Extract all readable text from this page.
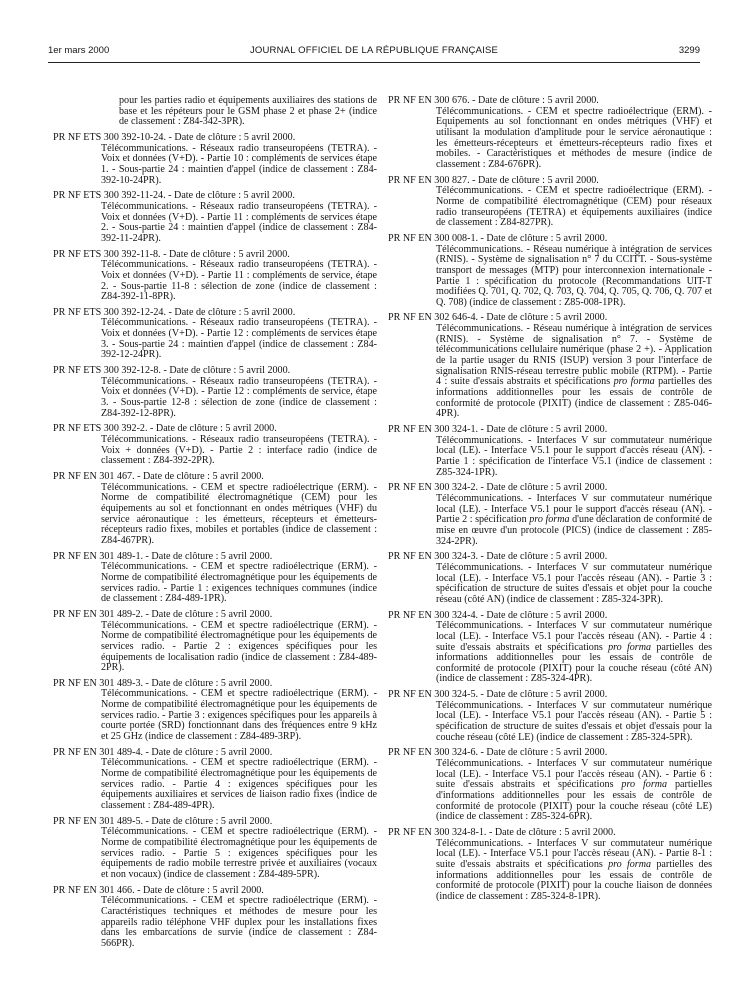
1er mars 2000	JOURNAL OFFICIEL DE LA RÉPUBLIQUE FRANÇAISE	3299
pour les parties radio et équipements auxiliaires des stations de base et les répéteurs pour le GSM phase 2 et phase 2+ (indice de classement : Z84-342-3PR).
PR NF ETS 300 392-10-24. - Date de clôture : 5 avril 2000.
Télécommunications. - Réseaux radio transeuropéens (TETRA). - Voix et données (V+D). - Partie 10 : compléments de services étape 1. - Sous-partie 24 : maintien d'appel (indice de classement : Z84-392-10-24PR).
PR NF ETS 300 392-11-24. - Date de clôture : 5 avril 2000.
Télécommunications. - Réseaux radio transeuropéens (TETRA). - Voix et données (V+D). - Partie 11 : compléments de services étape 2. - Sous-partie 24 : maintien d'appel (indice de classement : Z84-392-11-24PR).
PR NF ETS 300 392-11-8. - Date de clôture : 5 avril 2000.
Télécommunications. - Réseaux radio transeuropéens (TETRA). - Voix et données (V+D). - Partie 11 : compléments de service, étape 2. - Sous-partie 11-8 : sélection de zone (indice de classement : Z84-392-11-8PR).
PR NF ETS 300 392-12-24. - Date de clôture : 5 avril 2000.
Télécommunications. - Réseaux radio transeuropéens (TETRA). - Voix et données (V+D). - Partie 12 : compléments de services étape 3. - Sous-partie 24 : maintien d'appel (indice de classement : Z84-392-12-24PR).
PR NF ETS 300 392-12-8. - Date de clôture : 5 avril 2000.
Télécommunications. - Réseaux radio transeuropéens (TETRA). - Voix et données (V+D). - Partie 12 : compléments de service, étape 3. - Sous-partie 12-8 : sélection de zone (indice de classement : Z84-392-12-8PR).
PR NF ETS 300 392-2. - Date de clôture : 5 avril 2000.
Télécommunications. - Réseaux radio transeuropéens (TETRA). - Voix + données (V+D). - Partie 2 : interface radio (indice de classement : Z84-392-2PR).
PR NF EN 301 467. - Date de clôture : 5 avril 2000.
Télécommunications. - CEM et spectre radioélectrique (ERM). - Norme de compatibilité électromagnétique (CEM) pour les équipements au sol et fonctionnant en ondes métriques (VHF) du service aéronautique : les émetteurs, récepteurs et émetteurs-récepteurs radio fixes, mobiles et portables (indice de classement : Z84-467PR).
PR NF EN 301 489-1. - Date de clôture : 5 avril 2000.
Télécommunications. - CEM et spectre radioélectrique (ERM). - Norme de compatibilité électromagnétique pour les équipements de services radio. - Partie 1 : exigences techniques communes (indice de classement : Z84-489-1PR).
PR NF EN 301 489-2. - Date de clôture : 5 avril 2000.
Télécommunications. - CEM et spectre radioélectrique (ERM). - Norme de compatibilité électromagnétique pour les équipements de services radio. - Partie 2 : exigences spécifiques pour les équipements de localisation radio (indice de classement : Z84-489-2PR).
PR NF EN 301 489-3. - Date de clôture : 5 avril 2000.
Télécommunications. - CEM et spectre radioélectrique (ERM). - Norme de compatibilité électromagnétique pour les équipements de services radio. - Partie 3 : exigences spécifiques pour les appareils à courte portée (SRD) fonctionnant dans des fréquences entre 9 kHz et 25 GHz (indice de classement : Z84-489-3RP).
PR NF EN 301 489-4. - Date de clôture : 5 avril 2000.
Télécommunications. - CEM et spectre radioélectrique (ERM). - Norme de compatibilité électromagnétique pour les équipements de services radio. - Partie 4 : exigences spécifiques pour les équipements auxiliaires et services de liaison radio fixes (indice de classement : Z84-489-4PR).
PR NF EN 301 489-5. - Date de clôture : 5 avril 2000.
Télécommunications. - CEM et spectre radioélectrique (ERM). - Norme de compatibilité électromagnétique pour les équipements de services radio. - Partie 5 : exigences spécifiques pour les équipements de radio mobile terrestre privée et auxiliaires (vocaux et non vocaux) (indice de classement : Z84-489-5PR).
PR NF EN 301 466. - Date de clôture : 5 avril 2000.
Télécommunications. - CEM et spectre radioélectrique (ERM). - Caractéristiques techniques et méthodes de mesure pour les appareils radio téléphone VHF duplex pour les installations fixes dans les embarcations de survie (indice de classement : Z84-566PR).
PR NF EN 300 676. - Date de clôture : 5 avril 2000.
Télécommunications. - CEM et spectre radioélectrique (ERM). - Equipements au sol fonctionnant en ondes métriques (VHF) et utilisant la modulation d'amplitude pour le service aéronautique : les émetteurs-récepteurs et émetteurs-récepteurs radio fixes et mobiles. - Caractéristiques et méthodes de mesure (indice de classement : Z84-676PR).
PR NF EN 300 827. - Date de clôture : 5 avril 2000.
Télécommunications. - CEM et spectre radioélectrique (ERM). - Norme de compatibilité électromagnétique (CEM) pour réseaux radio transeuropéens (TETRA) et équipements auxiliaires (indice de classement : Z84-827PR).
PR NF EN 300 008-1. - Date de clôture : 5 avril 2000.
Télécommunications. - Réseau numérique à intégration de services (RNIS). - Système de signalisation n° 7 du CCITT. - Sous-système transport de messages (MTP) pour interconnexion internationale - Partie 1 : spécification du protocole (Recommandations UIT-T modifiées Q. 701, Q. 702, Q. 703, Q. 704, Q. 705, Q. 706, Q. 707 et Q. 708) (indice de classement : Z85-008-1PR).
PR NF EN 302 646-4. - Date de clôture : 5 avril 2000.
Télécommunications. - Réseau numérique à intégration de services (RNIS). - Système de signalisation n° 7. - Système de télécommunications cellulaire numérique (phase 2 +). - Application de la partie usager du RNIS (ISUP) version 3 pour l'interface de signalisation RNIS-réseau terrestre public mobile (RTPM). - Partie 4 : suite d'essais abstraits et spécifications pro forma partielles des informations additionnelles pour les essais de contrôle de conformité de protocole (PIXIT) (indice de classement : Z85-046-4PR).
PR NF EN 300 324-1. - Date de clôture : 5 avril 2000.
Télécommunications. - Interfaces V sur commutateur numérique local (LE). - Interface V5.1 pour le support d'accès réseau (AN). - Partie 1 : spécification de l'interface V5.1 (indice de classement : Z85-324-1PR).
PR NF EN 300 324-2. - Date de clôture : 5 avril 2000.
Télécommunications. - Interfaces V sur commutateur numérique local (LE). - Interface V5.1 pour le support d'accès réseau (AN). - Partie 2 : spécification pro forma d'une déclaration de conformité de mise en œuvre d'un protocole (PICS) (indice de classement : Z85-324-2PR).
PR NF EN 300 324-3. - Date de clôture : 5 avril 2000.
Télécommunications. - Interfaces V sur commutateur numérique local (LE). - Interface V5.1 pour l'accès réseau (AN). - Partie 3 : spécification de structure de suites d'essais et objet pour la couche réseau (côté AN) (indice de classement : Z85-324-3PR).
PR NF EN 300 324-4. - Date de clôture : 5 avril 2000.
Télécommunications. - Interfaces V sur commutateur numérique local (LE). - Interface V5.1 pour l'accès réseau (AN). - Partie 4 : suite d'essais abstraits et spécifications pro forma partielles des informations additionnelles pour les essais de contrôle de conformité de protocole (PIXIT) pour la couche réseau (côté AN) (indice de classement : Z85-324-4PR).
PR NF EN 300 324-5. - Date de clôture : 5 avril 2000.
Télécommunications. - Interfaces V sur commutateur numérique local (LE). - Interface V5.1 pour l'accès réseau (AN). - Partie 5 : spécification de structure de suites d'essais et objet d'essais pour la couche réseau (côté LE) (indice de classement : Z85-324-5PR).
PR NF EN 300 324-6. - Date de clôture : 5 avril 2000.
Télécommunications. - Interfaces V sur commutateur numérique local (LE). - Interface V5.1 pour l'accès réseau (AN). - Partie 6 : suite d'essais abstraits et spécifications pro forma partielles d'informations additionnelles pour les essais de contrôle de conformité de protocole (PIXIT) pour la couche réseau (côté LE) (indice de classement : Z85-324-6PR).
PR NF EN 300 324-8-1. - Date de clôture : 5 avril 2000.
Télécommunications. - Interfaces V sur commutateur numérique local (LE). - Interface V5.1 pour l'accès réseau (AN). - Partie 8-1 : suite d'essais abstraits et spécifications pro forma partielles des informations additionnelles pour les essais de contrôle de conformité de protocole (PIXIT) pour la couche liaison de données (indice de classement : Z85-324-8-1PR).
